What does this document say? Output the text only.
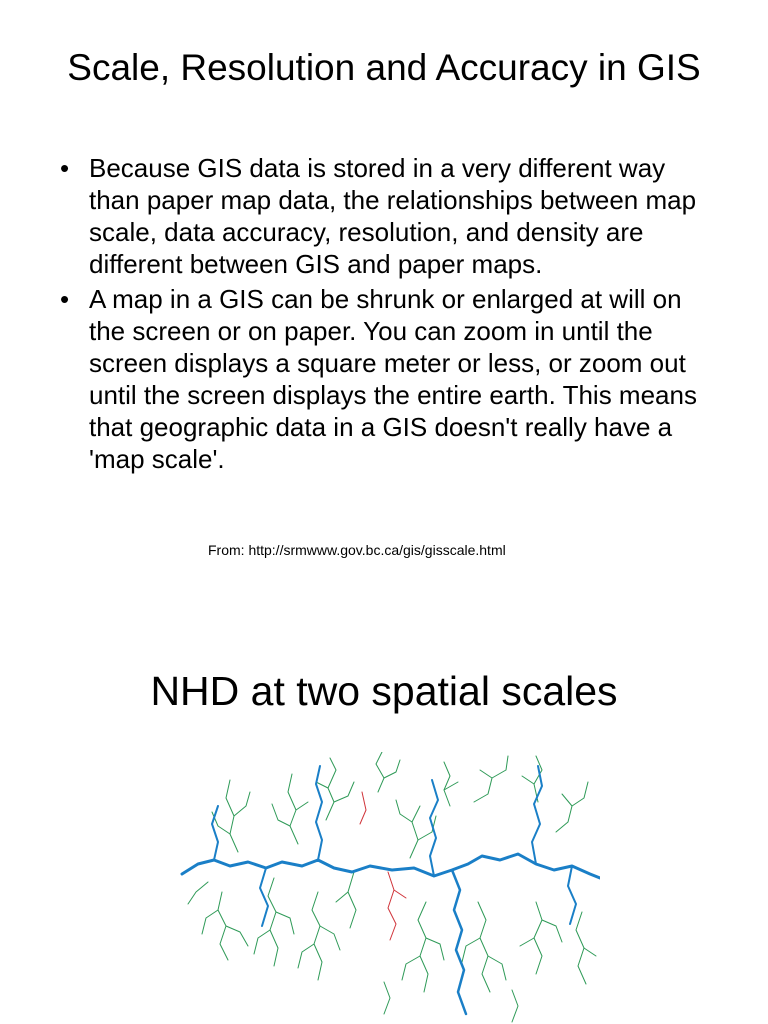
Scale, Resolution and Accuracy in GIS
• Because GIS data is stored in a very different way than paper map data, the relationships between map scale, data accuracy, resolution, and density are different between GIS and paper maps.
• A map in a GIS can be shrunk or enlarged at will on the screen or on paper. You can zoom in until the screen displays a square meter or less, or zoom out until the screen displays the entire earth. This means that geographic data in a GIS doesn't really have a 'map scale'.
From: http://srmwww.gov.bc.ca/gis/gisscale.html
NHD at two spatial scales
